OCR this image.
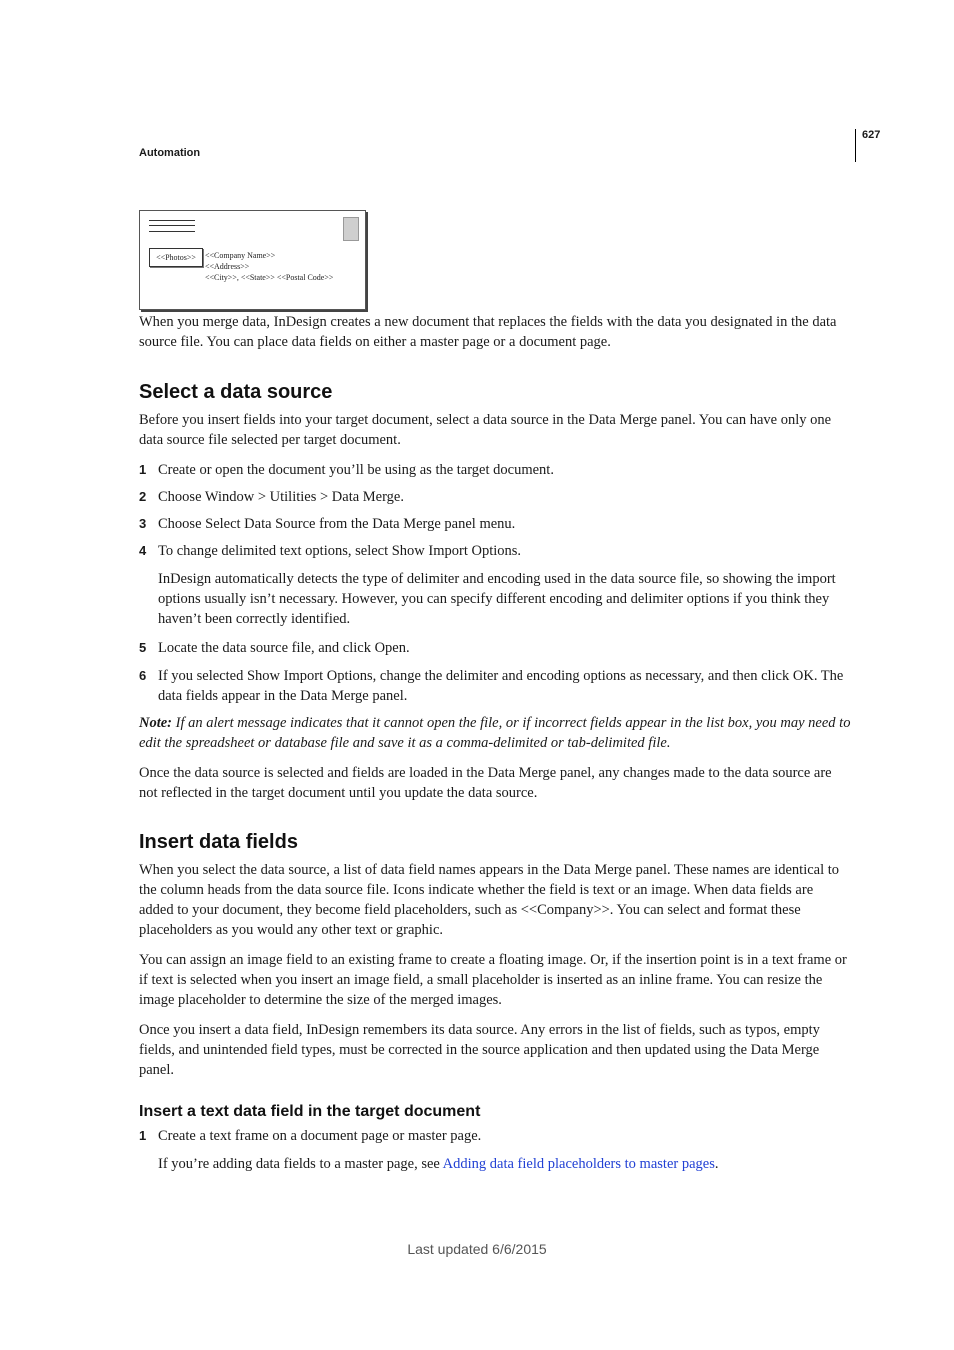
Automation
627
<<Photos>>	<<Company Name>>
<<Address>>
<<City>>, <<State>> <<Postal Code>>

When you merge data, InDesign creates a new document that replaces the fields with the data you designated in the data source file. You can place data fields on either a master page or a document page.

Select a data source

Before you insert fields into your target document, select a data source in the Data Merge panel. You can have only one data source file selected per target document.

1 Create or open the document you’ll be using as the target document.

2 Choose Window > Utilities > Data Merge.

3 Choose Select Data Source from the Data Merge panel menu.

4 To change delimited text options, select Show Import Options.

InDesign automatically detects the type of delimiter and encoding used in the data source file, so showing the import options usually isn’t necessary. However, you can specify different encoding and delimiter options if you think they haven’t been correctly identified.

5 Locate the data source file, and click Open.

6 If you selected Show Import Options, change the delimiter and encoding options as necessary, and then click OK. The data fields appear in the Data Merge panel.

Note: If an alert message indicates that it cannot open the file, or if incorrect fields appear in the list box, you may need to edit the spreadsheet or database file and save it as a comma-delimited or tab-delimited file.

Once the data source is selected and fields are loaded in the Data Merge panel, any changes made to the data source are not reflected in the target document until you update the data source.

Insert data fields

When you select the data source, a list of data field names appears in the Data Merge panel. These names are identical to the column heads from the data source file. Icons indicate whether the field is text or an image. When data fields are added to your document, they become field placeholders, such as <<Company>>. You can select and format these placeholders as you would any other text or graphic.

You can assign an image field to an existing frame to create a floating image. Or, if the insertion point is in a text frame or if text is selected when you insert an image field, a small placeholder is inserted as an inline frame. You can resize the image placeholder to determine the size of the merged images.

Once you insert a data field, InDesign remembers its data source. Any errors in the list of fields, such as typos, empty fields, and unintended field types, must be corrected in the source application and then updated using the Data Merge panel.

Insert a text data field in the target document
1 Create a text frame on a document page or master page.

If you’re adding data fields to a master page, see Adding data field placeholders to master pages.
Last updated 6/6/2015
